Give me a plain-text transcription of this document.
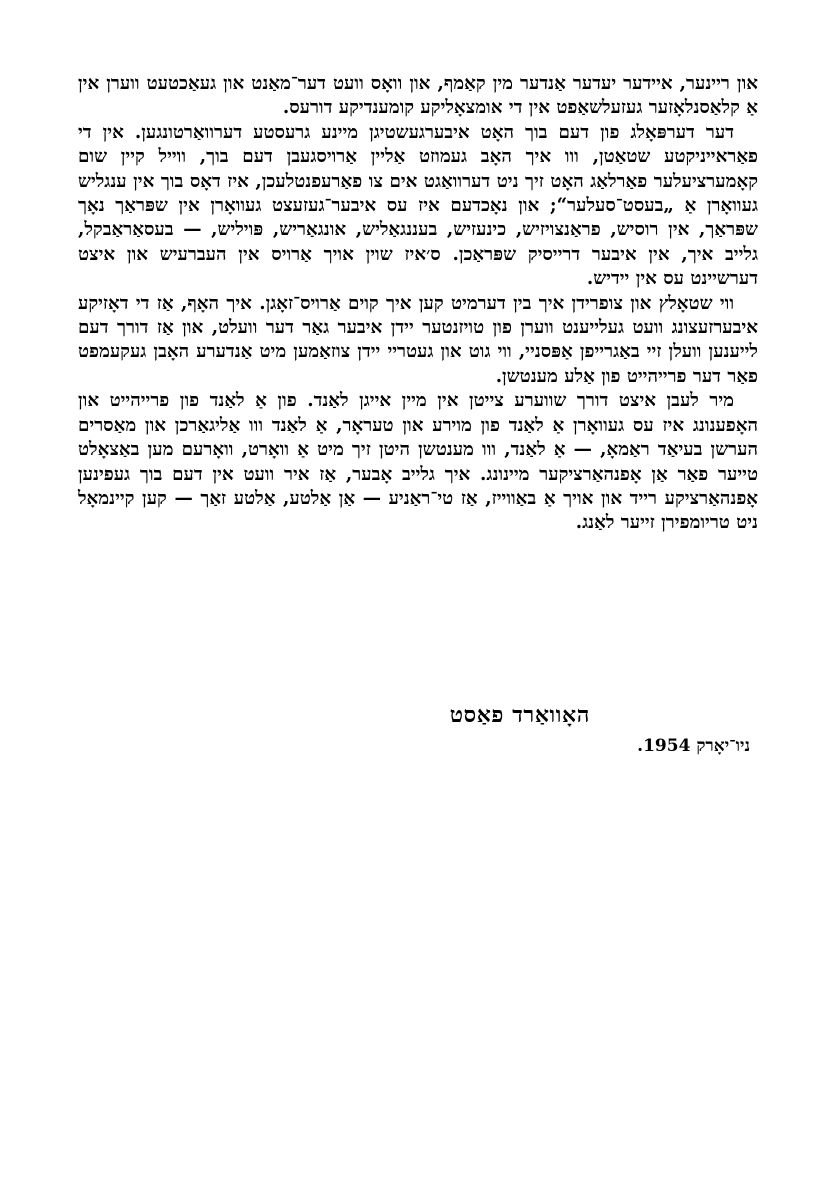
און ריינער, איידער יעדער אַנדער מין קאַמף, און וואָס וועט דער־מאַנט און געאַכטעט ווערן אין אַ קלאַסנלאָזער געזעלשאַפט אין די אומצאָליקע קומענדיקע דורעס.

דער דערפּאָלג פון דעם בוך האָט איבערגעשטיגן מיינע גרעסטע דערוואַרטונגען. אין די פאַראייניקטע שטאַטן, ווו איך האָב געמוזט אַליין אַרויסגעבן דעם בוך, ווייל קיין שום קאָמערציעלער פאַרלאַג האָט זיך ניט דערוואַגט אים צו פאַרעפנטלעכן, איז דאָס בוך אין ענגליש געוואָרן אַ „בעסט־סעלער“; און נאָכדעם איז עס איבער־געזעצט געוואָרן אין שפּראַך נאָך שפּראַך, אין רוסיש, פראַנצויזיש, כינעזיש, בעננגאַליש, אונגאַריש, פּויליש, — בעסאַראַבקל, גלייב איך, אין איבער דרייסיק שפּראַכן. ס׳איז שוין אויך אַרויס אין העברעיש און איצט דערשיינט עס אין יידיש.

ווי שטאָלץ און צופרידן איך בין דערמיט קען איך קוים אַרויס־זאָגן. איך האָף, אַז די דאָזיקע איבערזעצונג וועט געלייענט ווערן פון טויזנטער יידן איבער גאַר דער וועלט, און אַז דורך דעם לייענען וועלן זיי באַגרייפן אַפּסניי, ווי גוט און געטריי יידן צוזאַמען מיט אַנדערע האָבן געקעמפט פאַר דער פרייהייט פון אַלע מענטשן.

מיר לעבן איצט דורך שווערע צייטן אין מיין אייגן לאַנד. פון אַ לאַנד פון פרייהייט און האָפענונג איז עס געוואָרן אַ לאַנד פון מוירע און טעראָר, אַ לאַנד ווו אַליגאַרכן און מאַסרים הערשן בעיאַד ראַמאָ, — אַ לאַנד, ווו מענטשן היטן זיך מיט אַ וואָרט, וואָרעם מען באַצאָלט טייער פאַר אַן אָפנהאַרציקער מיינונג. איך גלייב אָבער, אַז איר וועט אין דעם בוך געפינען אָפנהאַרציקע רייד און אויך אַ באַווייז, אַז טי־ראַניע — אַן אַלטע, אַלטע זאַך — קען קיינמאָל ניט טריומפירן זייער לאַנג.

האָוואַרד פאַסט
ניו־יאָרק 1954.
